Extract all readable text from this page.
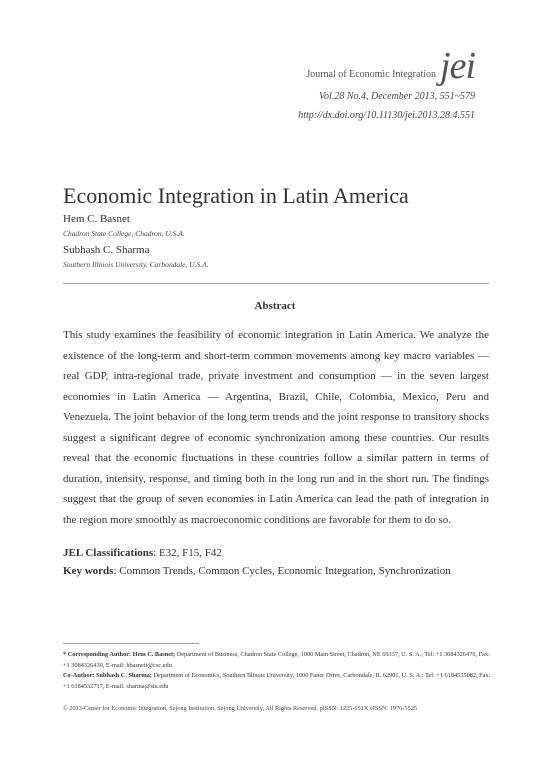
Journal of Economic Integration jei
Vol.28 No.4, December 2013, 551~579
http://dx.doi.org/10.11130/jei.2013.28.4.551
Economic Integration in Latin America
Hem C. Basnet
Chadron State College, Chadron, U.S.A.
Subhash C. Sharma
Southern Illinois University, Carbondale, U.S.A.
Abstract
This study examines the feasibility of economic integration in Latin America. We analyze the existence of the long-term and short-term common movements among key macro variables — real GDP, intra-regional trade, private investment and consumption — in the seven largest economies in Latin America — Argentina, Brazil, Chile, Colombia, Mexico, Peru and Venezuela. The joint behavior of the long term trends and the joint response to transitory shocks suggest a significant degree of economic synchronization among these countries. Our results reveal that the economic fluctuations in these countries follow a similar pattern in terms of duration, intensity, response, and timing both in the long run and in the short run. The findings suggest that the group of seven economies in Latin America can lead the path of integration in the region more smoothly as macroeconomic conditions are favorable for them to do so.
JEL Classifications: E32, F15, F42
Key words: Common Trends, Common Cycles, Economic Integration, Synchronization

* Corresponding Author: Hem C. Basnet; Department of Business, Chadron State College, 1000 Main Street, Chadron, NE 69337, U. S. A.; Tel: +1 3084326476, Fax: +1 3084326430, E-mail: hbasnett@csc.edu

Co-Author: Subhash C. Sharma; Department of Economics, Southern Illinois University, 1000 Faner Drive, Carbondale, IL 62901, U. S. A.; Tel: +1 6184535082, Fax: +1 6184532717, E-mail: sharma@siu.edu

© 2013-Center for Economic Integration, Sejong Institution, Sejong University, All Rights Reserved. pISSN: 1225-651X eISSN: 1976-5525
